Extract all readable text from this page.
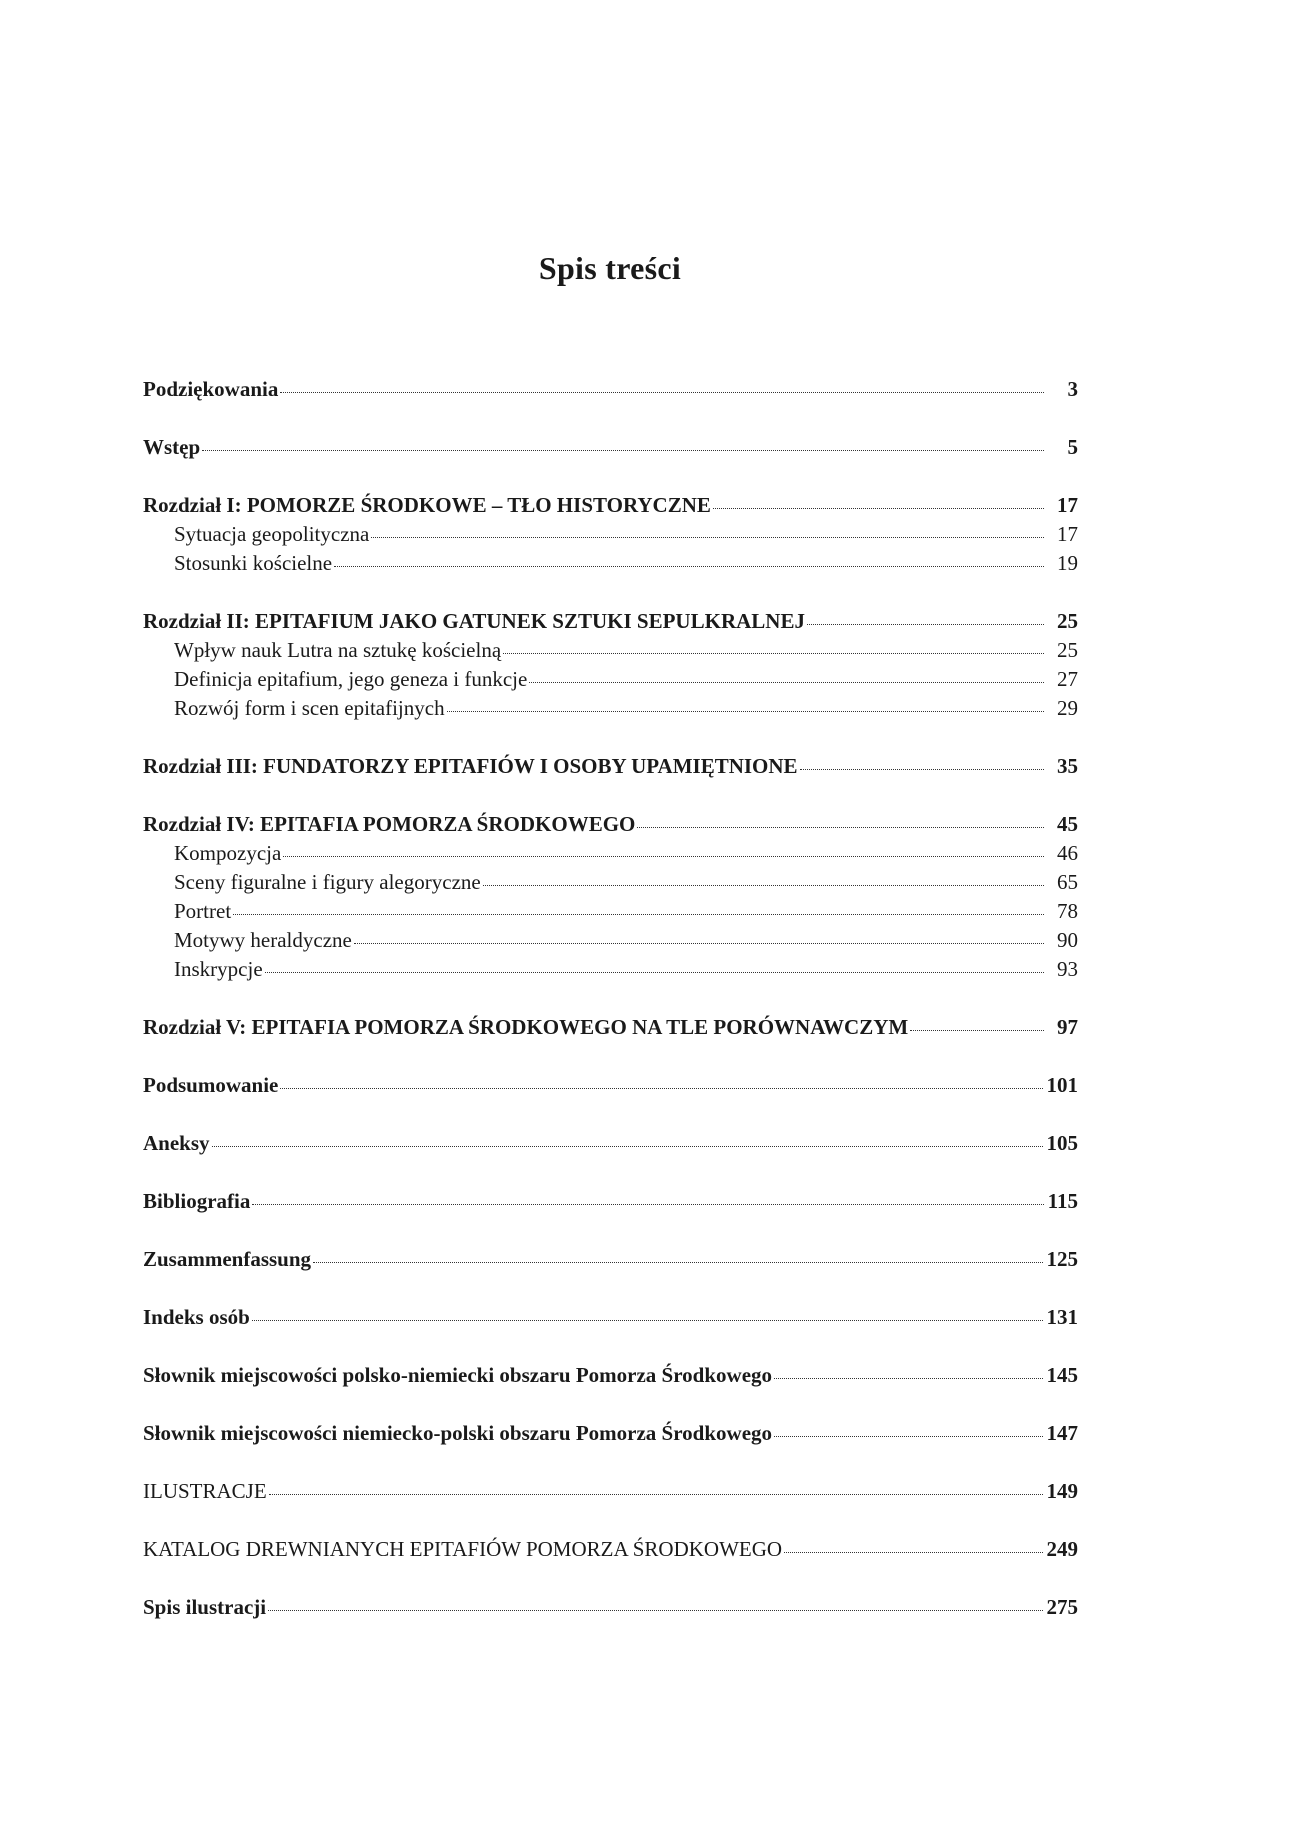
Spis treści
Podziękowania	3
Wstęp	5
Rozdział I: POMORZE ŚRODKOWE – TŁO HISTORYCZNE	17
Sytuacja geopolityczna	17
Stosunki kościelne	19
Rozdział II: EPITAFIUM JAKO GATUNEK SZTUKI SEPULKRALNEJ	25
Wpływ nauk Lutra na sztukę kościelną	25
Definicja epitafium, jego geneza i funkcje	27
Rozwój form i scen epitafijnych	29
Rozdział III: FUNDATORZY EPITAFIÓW I OSOBY UPAMIĘTNIONE	35
Rozdział IV: EPITAFIA POMORZA ŚRODKOWEGO	45
Kompozycja	46
Sceny figuralne i figury alegoryczne	65
Portret	78
Motywy heraldyczne	90
Inskrypcje	93
Rozdział V: EPITAFIA POMORZA ŚRODKOWEGO NA TLE PORÓWNAWCZYM	97
Podsumowanie	101
Aneksy	105
Bibliografia	115
Zusammenfassung	125
Indeks osób	131
Słownik miejscowości polsko-niemiecki obszaru Pomorza Środkowego	145
Słownik miejscowości niemiecko-polski obszaru Pomorza Środkowego	147
ILUSTRACJE	149
KATALOG DREWNIANYCH EPITAFIÓW POMORZA ŚRODKOWEGO	249
Spis ilustracji	275
